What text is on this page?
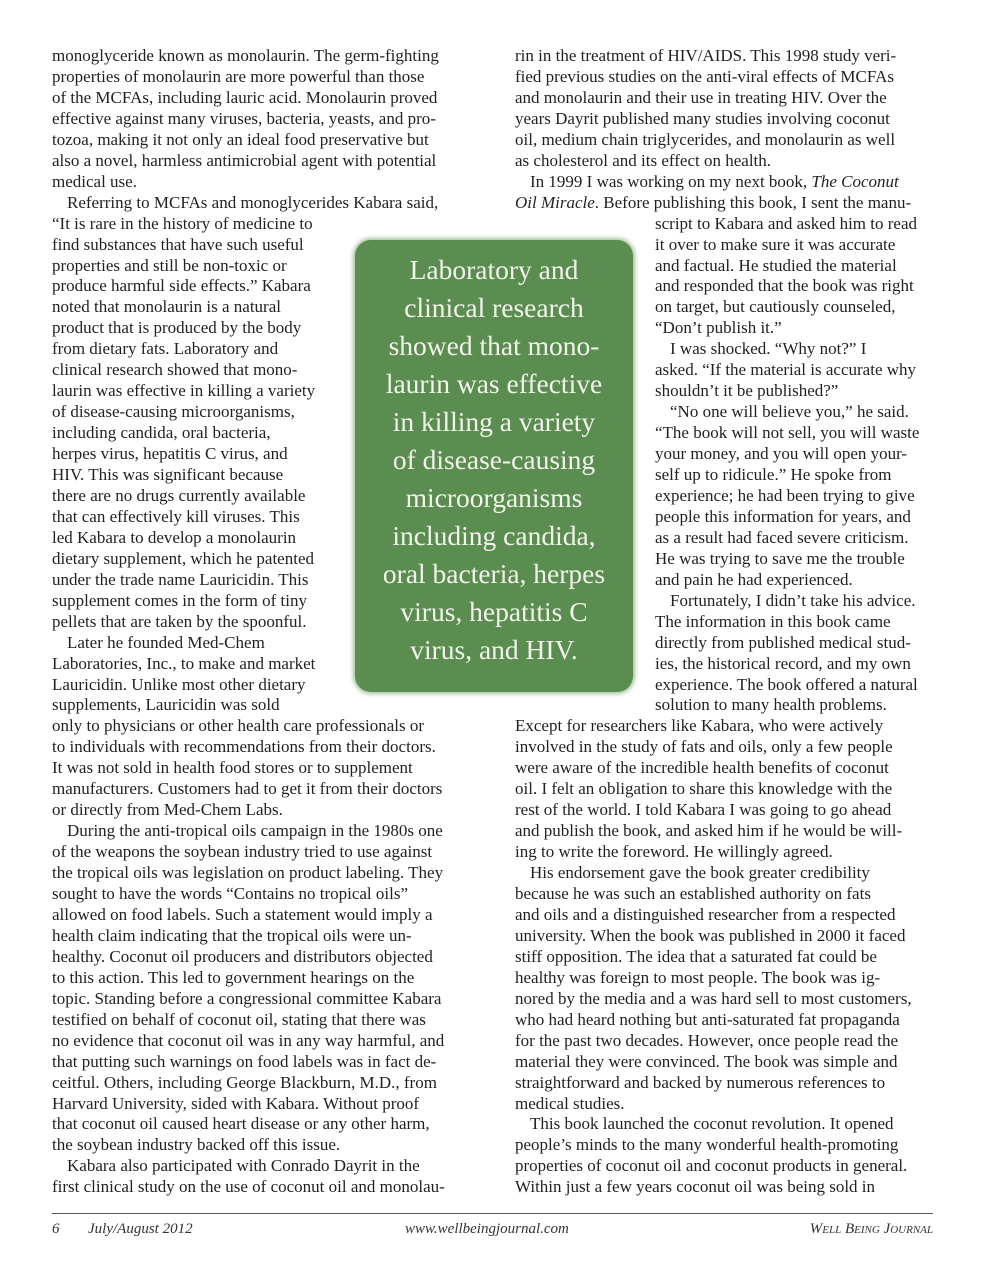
monoglyceride known as monolaurin. The germ-fighting
properties of monolaurin are more powerful than those
of the MCFAs, including lauric acid. Monolaurin proved
effective against many viruses, bacteria, yeasts, and pro-
tozoa, making it not only an ideal food preservative but
also a novel, harmless antimicrobial agent with potential
medical use.
Referring to MCFAs and monoglycerides Kabara said,
“It is rare in the history of medicine to
find substances that have such useful
properties and still be non-toxic or
produce harmful side effects.” Kabara
noted that monolaurin is a natural
product that is produced by the body
from dietary fats. Laboratory and
clinical research showed that mono-
laurin was effective in killing a variety
of disease-causing microorganisms,
including candida, oral bacteria,
herpes virus, hepatitis C virus, and
HIV. This was significant because
there are no drugs currently available
that can effectively kill viruses. This
led Kabara to develop a monolaurin
dietary supplement, which he patented
under the trade name Lauricidin. This
supplement comes in the form of tiny
pellets that are taken by the spoonful.
Later he founded Med-Chem
Laboratories, Inc., to make and market
Lauricidin. Unlike most other dietary
supplements, Lauricidin was sold
only to physicians or other health care professionals or
to individuals with recommendations from their doctors.
It was not sold in health food stores or to supplement
manufacturers. Customers had to get it from their doctors
or directly from Med-Chem Labs.
During the anti-tropical oils campaign in the 1980s one
of the weapons the soybean industry tried to use against
the tropical oils was legislation on product labeling. They
sought to have the words “Contains no tropical oils”
allowed on food labels. Such a statement would imply a
health claim indicating that the tropical oils were un-
healthy. Coconut oil producers and distributors objected
to this action. This led to government hearings on the
topic. Standing before a congressional committee Kabara
testified on behalf of coconut oil, stating that there was
no evidence that coconut oil was in any way harmful, and
that putting such warnings on food labels was in fact de-
ceitful. Others, including George Blackburn, M.D., from
Harvard University, sided with Kabara. Without proof
that coconut oil caused heart disease or any other harm,
the soybean industry backed off this issue.
Kabara also participated with Conrado Dayrit in the
first clinical study on the use of coconut oil and monolau-
rin in the treatment of HIV/AIDS. This 1998 study veri-
fied previous studies on the anti-viral effects of MCFAs
and monolaurin and their use in treating HIV. Over the
years Dayrit published many studies involving coconut
oil, medium chain triglycerides, and monolaurin as well
as cholesterol and its effect on health.
In 1999 I was working on my next book, The Coconut
Oil Miracle. Before publishing this book, I sent the manu-
script to Kabara and asked him to read
it over to make sure it was accurate
and factual. He studied the material
and responded that the book was right
on target, but cautiously counseled,
“Don’t publish it.”
I was shocked. “Why not?” I
asked. “If the material is accurate why
shouldn’t it be published?”
“No one will believe you,” he said.
“The book will not sell, you will waste
your money, and you will open your-
self up to ridicule.” He spoke from
experience; he had been trying to give
people this information for years, and
as a result had faced severe criticism.
He was trying to save me the trouble
and pain he had experienced.
Fortunately, I didn’t take his advice.
The information in this book came
directly from published medical stud-
ies, the historical record, and my own
experience. The book offered a natural
solution to many health problems.
Except for researchers like Kabara, who were actively
involved in the study of fats and oils, only a few people
were aware of the incredible health benefits of coconut
oil. I felt an obligation to share this knowledge with the
rest of the world. I told Kabara I was going to go ahead
and publish the book, and asked him if he would be will-
ing to write the foreword. He willingly agreed.
His endorsement gave the book greater credibility
because he was such an established authority on fats
and oils and a distinguished researcher from a respected
university. When the book was published in 2000 it faced
stiff opposition. The idea that a saturated fat could be
healthy was foreign to most people. The book was ig-
nored by the media and a was hard sell to most customers,
who had heard nothing but anti-saturated fat propaganda
for the past two decades. However, once people read the
material they were convinced. The book was simple and
straightforward and backed by numerous references to
medical studies.
This book launched the coconut revolution. It opened
people’s minds to the many wonderful health-promoting
properties of coconut oil and coconut products in general.
Within just a few years coconut oil was being sold in
Laboratory and
clinical research
showed that mono-
laurin was effective
in killing a variety
of disease-causing
microorganisms
including candida,
oral bacteria, herpes
virus, hepatitis C
virus, and HIV.
6 July/August 2012	www.wellbeingjournal.com	Well Being Journal
